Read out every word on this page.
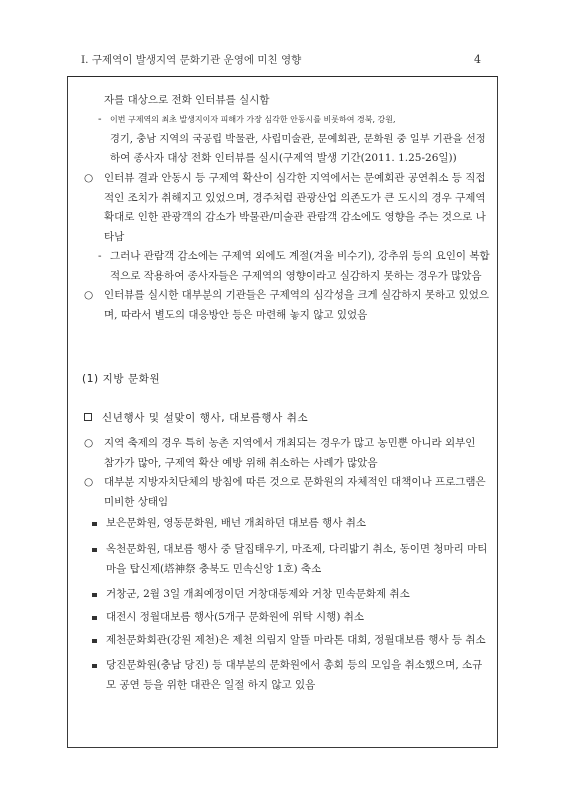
I. 구제역이 발생지역 문화기관 운영에 미친 영향	4

자를 대상으로 전화 인터뷰를 실시함

- 이번 구제역의 최초 발생지이자 피해가 가장 심각한 안동시를 비롯하여 경북, 강원,

경기, 충남 지역의 국공립 박물관, 사립미술관, 문예회관, 문화원 중 일부 기관을 선정

하여 종사자 대상 전화 인터뷰를 실시(구제역 발생 기간(2011. 1.25-26일))

○ 인터뷰 결과 안동시 등 구제역 확산이 심각한 지역에서는 문예회관 공연취소 등 직접

적인 조치가 취해지고 있었으며, 경주처럼 관광산업 의존도가 큰 도시의 경우 구제역

확대로 인한 관광객의 감소가 박물관/미술관 관람객 감소에도 영향을 주는 것으로 나

타남

- 그러나 관람객 감소에는 구제역 외에도 계절(겨울 비수기), 강추위 등의 요인이 복합

적으로 작용하여 종사자들은 구제역의 영향이라고 실감하지 못하는 경우가 많았음

○ 인터뷰를 실시한 대부분의 기관들은 구제역의 심각성을 크게 실감하지 못하고 있었으

며, 따라서 별도의 대응방안 등은 마련해 놓지 않고 있었음

(1) 지방 문화원
신년행사 및 설맞이 행사, 대보름행사 취소
○ 지역 축제의 경우 특히 농촌 지역에서 개최되는 경우가 많고 농민뿐 아니라 외부인

참가가 많아, 구제역 확산 예방 위해 취소하는 사례가 많았음

○ 대부분 지방자치단체의 방침에 따른 것으로 문화원의 자체적인 대책이나 프로그램은

미비한 상태임

보은문화원, 영동문화원, 배넌 개최하던 대보름 행사 취소

옥천문화원, 대보름 행사 중 달집태우기, 마조제, 다리밟기 취소, 동이면 청마리 마티

마을 탑신제(塔神祭 충북도 민속신앙 1호) 축소

거창군, 2월 3일 개최예정이던 거창대동제와 거창 민속문화제 취소

대전시 정월대보름 행사(5개구 문화원에 위탁 시행) 취소

제천문화회관(강원 제천)은 제천 의림지 알뜰 마라톤 대회, 정월대보름 행사 등 취소

당진문화원(충남 당진) 등 대부분의 문화원에서 총회 등의 모임을 취소했으며, 소규

모 공연 등을 위한 대관은 일절 하지 않고 있음
